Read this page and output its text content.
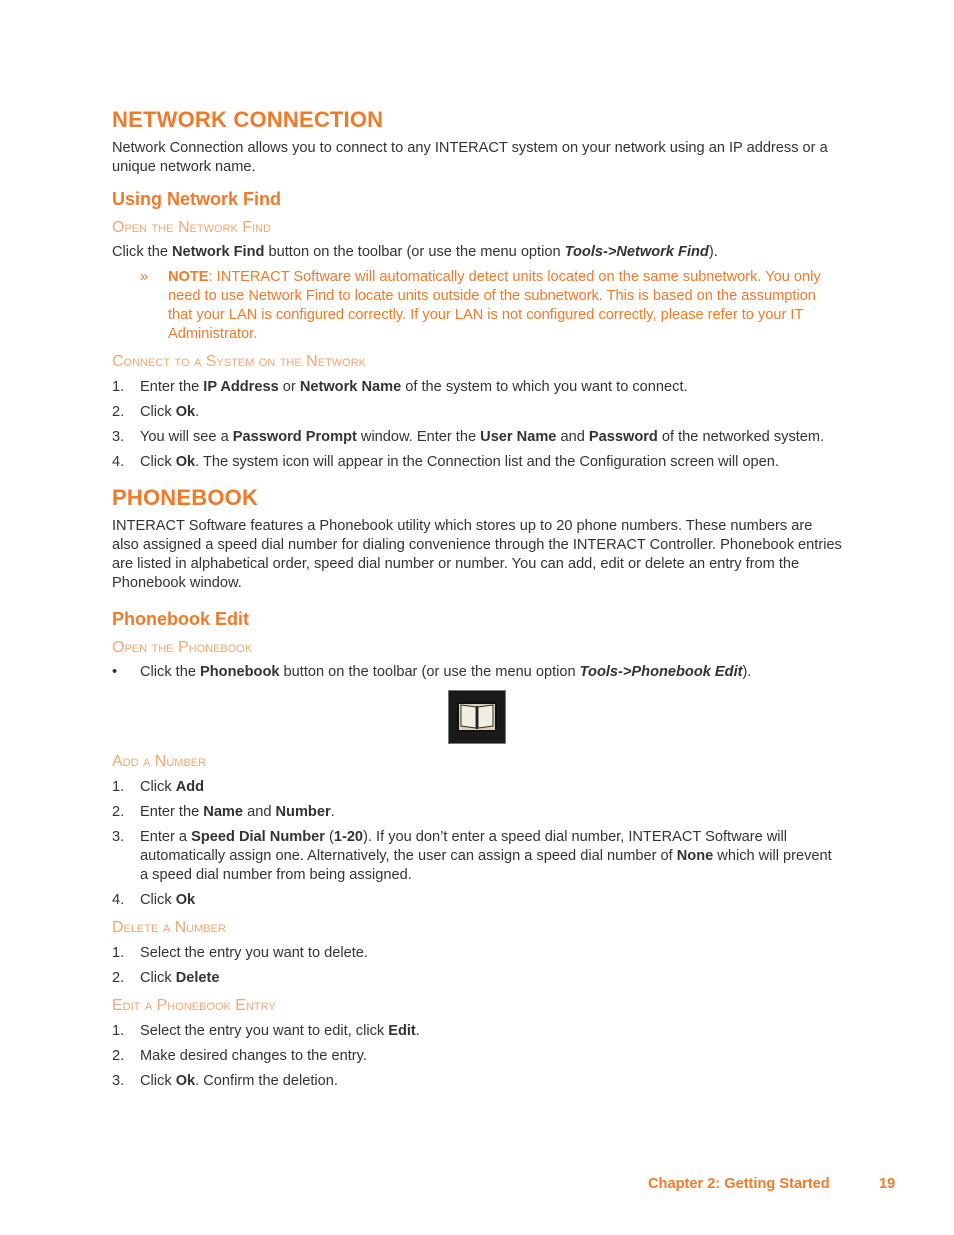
NETWORK CONNECTION

Network Connection allows you to connect to any INTERACT system on your network using an IP address or a unique network name.

Using Network Find
Open the Network Find

Click the Network Find button on the toolbar (or use the menu option Tools->Network Find).

» NOTE: INTERACT Software will automatically detect units located on the same subnetwork. You only need to use Network Find to locate units outside of the subnetwork. This is based on the assumption that your LAN is configured correctly. If your LAN is not configured correctly, please refer to your IT Administrator.
Connect to a System on the Network
1. Enter the IP Address or Network Name of the system to which you want to connect.
2. Click Ok.
3. You will see a Password Prompt window. Enter the User Name and Password of the networked system.
4. Click Ok. The system icon will appear in the Connection list and the Configuration screen will open.
PHONEBOOK

INTERACT Software features a Phonebook utility which stores up to 20 phone numbers. These numbers are also assigned a speed dial number for dialing convenience through the INTERACT Controller. Phonebook entries are listed in alphabetical order, speed dial number or number. You can add, edit or delete an entry from the Phonebook window.

Phonebook Edit
Open the Phonebook
• Click the Phonebook button on the toolbar (or use the menu option Tools->Phonebook Edit).
Add a Number
1. Click Add
2. Enter the Name and Number.
3. Enter a Speed Dial Number (1-20). If you don’t enter a speed dial number, INTERACT Software will automatically assign one. Alternatively, the user can assign a speed dial number of None which will prevent a speed dial number from being assigned.
4. Click Ok
Delete a Number
1. Select the entry you want to delete.
2. Click Delete
Edit a Phonebook Entry
1. Select the entry you want to edit, click Edit.
2. Make desired changes to the entry.
3. Click Ok. Confirm the deletion.
Chapter 2: Getting Started	19
